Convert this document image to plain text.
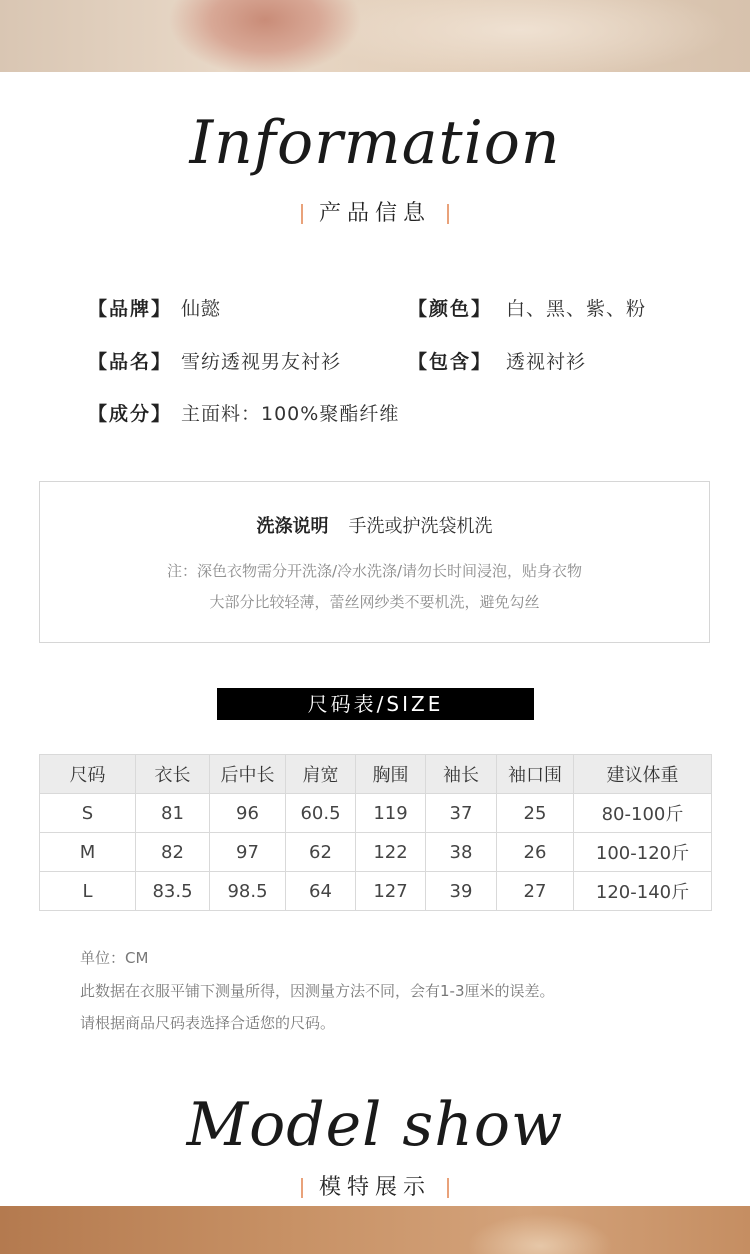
Information
产品信息
【品牌】 仙懿	【颜色】 白、黑、紫、粉
【品名】 雪纺透视男友衬衫	【包含】 透视衬衫
【成分】 主面料：100%聚酯纤维
洗涤说明 手洗或护洗袋机洗
注：深色衣物需分开洗涤/冷水洗涤/请勿长时间浸泡，贴身衣物
大部分比较轻薄，蕾丝网纱类不要机洗，避免勾丝
尺码表/SIZE
尺码	衣长	后中长	肩宽	胸围	袖长	袖口围	建议体重
S	81	96	60.5	119	37	25	80-100斤
M	82	97	62	122	38	26	100-120斤
L	83.5	98.5	64	127	39	27	120-140斤
单位：CM
此数据在衣服平铺下测量所得，因测量方法不同，会有1-3厘米的误差。
请根据商品尺码表选择合适您的尺码。
Model show
模特展示
